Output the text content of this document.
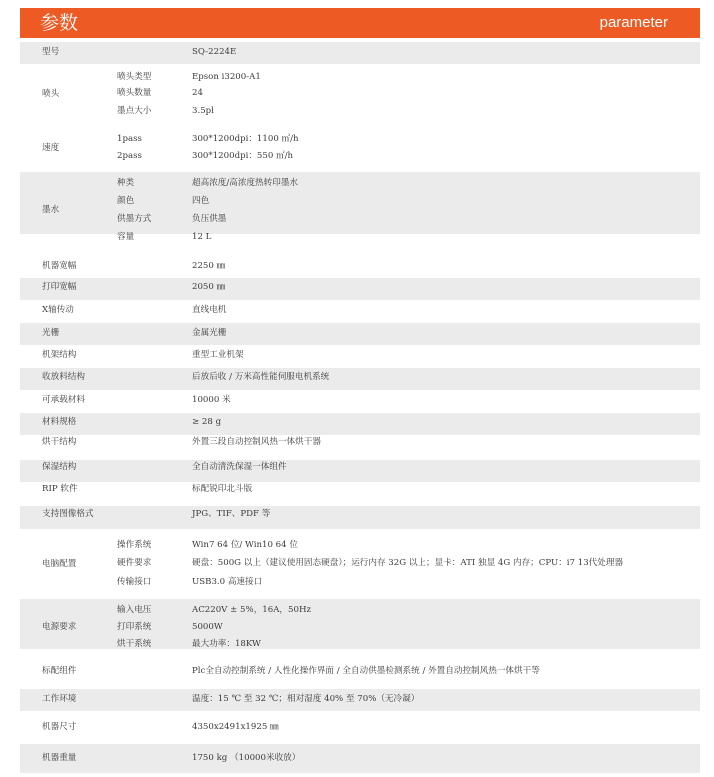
参数	parameter
型号	SQ-2224E
喷头
喷头类型	Epson i3200-A1
喷头数量	24
墨点大小	3.5pl
速度
1pass	300*1200dpi：1100 ㎡/h
2pass	300*1200dpi：550 ㎡/h
墨水
种类	超高浓度/高浓度热转印墨水
颜色	四色
供墨方式	负压供墨
容量	12 L
机器宽幅	2250 ㎜
打印宽幅	2050 ㎜
X轴传动	直线电机
光栅	金属光栅
机架结构	重型工业机架
收放料结构	后放后收 / 万米高性能伺服电机系统
可承载材料	10000 米
材料规格	≥ 28 g
烘干结构	外置三段自动控制风热一体烘干器
保湿结构	全自动清洗保湿一体组件
RIP 软件	标配锐印北斗版
支持图像格式	JPG、TIF、PDF 等
电脑配置
操作系统	Win7 64 位/ Win10 64 位
硬件要求	硬盘：500G 以上（建议使用固态硬盘）；运行内存 32G 以上；显卡：ATI 独显 4G 内存；CPU：i7 13代处理器
传输接口	USB3.0 高速接口
电源要求
输入电压	AC220V ± 5%，16A，50Hz
打印系统	5000W
烘干系统	最大功率：18KW
标配组件	Plc全自动控制系统 / 人性化操作界面 / 全自动供墨检测系统 / 外置自动控制风热一体烘干等
工作环境	温度：15 ℃ 至 32 ℃；相对湿度 40% 至 70%（无冷凝）
机器尺寸	4350x2491x1925 ㎜
机器重量	1750 kg （10000米收放）
